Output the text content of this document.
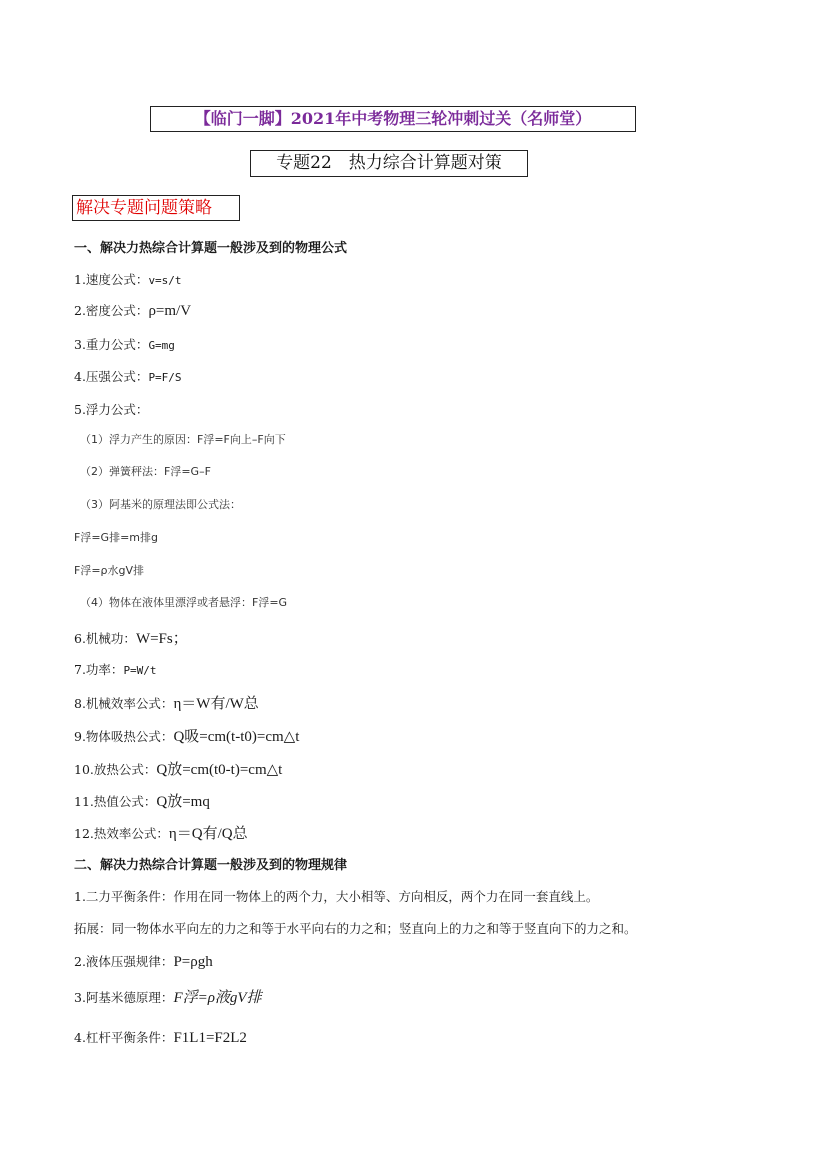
【临门一脚】2021年中考物理三轮冲刺过关（名师堂）
专题22　热力综合计算题对策
解决专题问题策略
一、解决力热综合计算题一般涉及到的物理公式
1.速度公式：v=s/t
2.密度公式：ρ=m/V
3.重力公式：G=mg
4.压强公式：P=F/S
5.浮力公式：
（1）浮力产生的原因：F浮=F向上–F向下
（2）弹簧秤法：F浮=G–F
（3）阿基米的原理法即公式法：
F浮=G排=m排g
F浮=ρ水gV排
（4）物体在液体里漂浮或者悬浮：F浮=G
6.机械功：W=Fs；
7.功率：P=W/t
8.机械效率公式：η＝W有/W总
9.物体吸热公式：Q吸=cm(t-t0)=cm△t
10.放热公式：Q放=cm(t0-t)=cm△t
11.热值公式：Q放=mq
12.热效率公式：η＝Q有/Q总
二、解决力热综合计算题一般涉及到的物理规律
1.二力平衡条件：作用在同一物体上的两个力，大小相等、方向相反，两个力在同一套直线上。
拓展：同一物体水平向左的力之和等于水平向右的力之和；竖直向上的力之和等于竖直向下的力之和。
2.液体压强规律：P=ρgh
3.阿基米德原理：F浮=ρ液gV排
4.杠杆平衡条件：F1L1=F2L2
